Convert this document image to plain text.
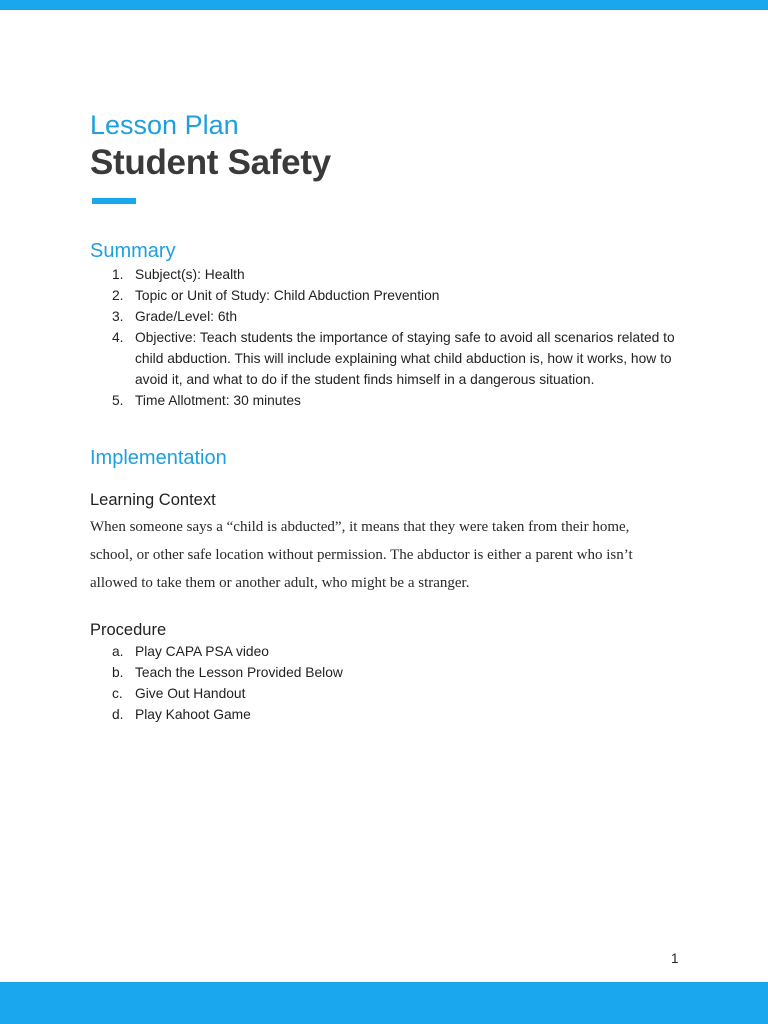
Lesson Plan
Student Safety
Summary
1. Subject(s): Health
2. Topic or Unit of Study: Child Abduction Prevention
3. Grade/Level: 6th
4. Objective: Teach students the importance of staying safe to avoid all scenarios related to child abduction. This will include explaining what child abduction is, how it works, how to avoid it, and what to do if the student finds himself in a dangerous situation.
5. Time Allotment: 30 minutes
Implementation
Learning Context
When someone says a “child is abducted”, it means that they were taken from their home, school, or other safe location without permission. The abductor is either a parent who isn’t allowed to take them or another adult, who might be a stranger.
Procedure
a. Play CAPA PSA video
b. Teach the Lesson Provided Below
c. Give Out Handout
d. Play Kahoot Game
1
